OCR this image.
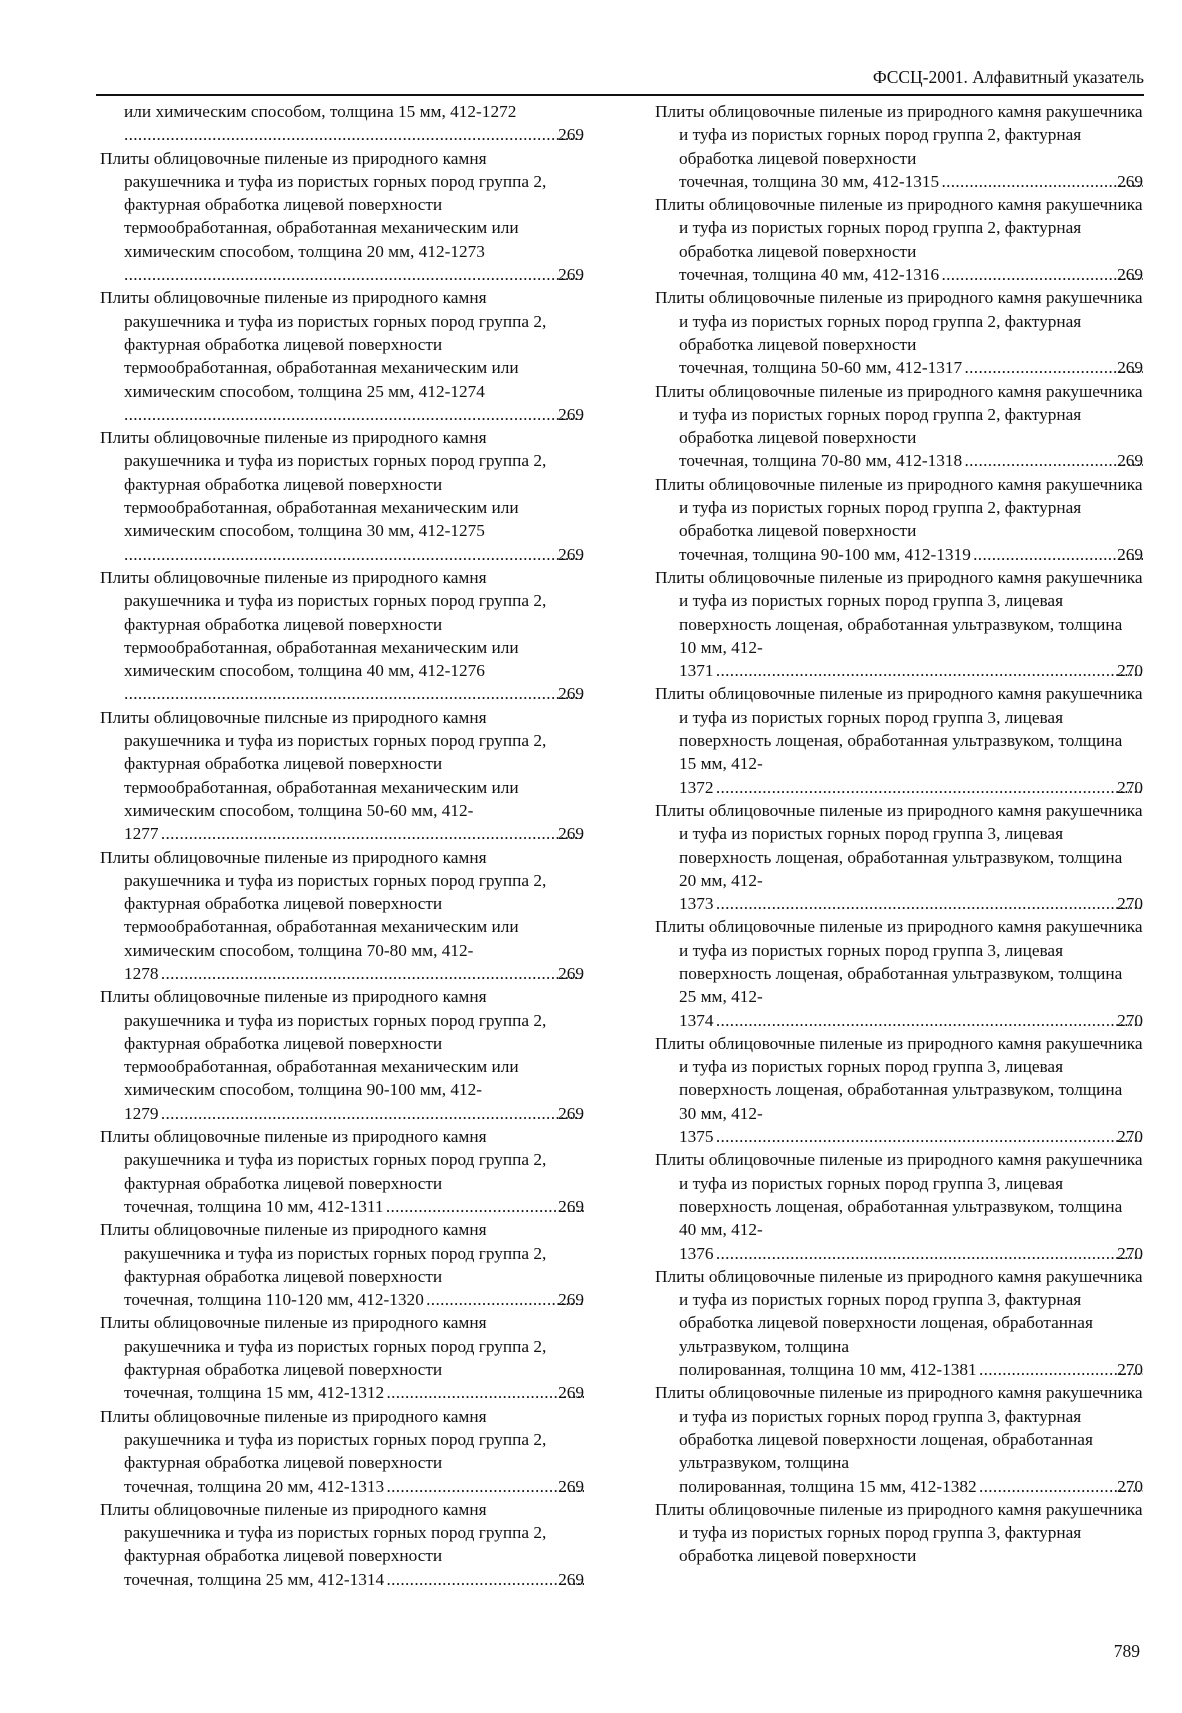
ФССЦ-2001. Алфавитный указатель
или химическим способом, толщина 15 мм, 412-1272
269
. . .
Плиты облицовочные пиленые из природного камня ракушечника и туфа из пористых горных пород группа 2, фактурная обработка лицевой поверхности термообработанная, обработанная механическим или химическим способом, толщина 20 мм, 412-1273
269
. . .
Плиты облицовочные пиленые из природного камня ракушечника и туфа из пористых горных пород группа 2, фактурная обработка лицевой поверхности термообработанная, обработанная механическим или химическим способом, толщина 25 мм, 412-1274
269
. . .
Плиты облицовочные пиленые из природного камня ракушечника и туфа из пористых горных пород группа 2, фактурная обработка лицевой поверхности термообработанная, обработанная механическим или химическим способом, толщина 30 мм, 412-1275
269
. . .
Плиты облицовочные пиленые из природного камня ракушечника и туфа из пористых горных пород группа 2, фактурная обработка лицевой поверхности термообработанная, обработанная механическим или химическим способом, толщина 40 мм, 412-1276
269
. . .
Плиты облицовочные пилсные из природного камня ракушечника и туфа из пористых горных пород группа 2, фактурная обработка лицевой поверхности термообработанная, обработанная механическим или химическим способом, толщина 50-60 мм, 412-
269
1277 . . .
Плиты облицовочные пиленые из природного камня ракушечника и туфа из пористых горных пород группа 2, фактурная обработка лицевой поверхности термообработанная, обработанная механическим или химическим способом, толщина 70-80 мм, 412-
269
1278 . . .
Плиты облицовочные пиленые из природного камня ракушечника и туфа из пористых горных пород группа 2, фактурная обработка лицевой поверхности термообработанная, обработанная механическим или химическим способом, толщина 90-100 мм, 412-
269
1279 . . .
Плиты облицовочные пиленые из природного камня ракушечника и туфа из пористых горных пород группа 2, фактурная обработка лицевой поверхности
269
точечная, толщина 10 мм, 412-1311 . . .
Плиты облицовочные пиленые из природного камня ракушечника и туфа из пористых горных пород группа 2, фактурная обработка лицевой поверхности
269
точечная, толщина 110-120 мм, 412-1320 . . .
Плиты облицовочные пиленые из природного камня ракушечника и туфа из пористых горных пород группа 2, фактурная обработка лицевой поверхности
269
точечная, толщина 15 мм, 412-1312 . . .
Плиты облицовочные пиленые из природного камня ракушечника и туфа из пористых горных пород группа 2, фактурная обработка лицевой поверхности
269
точечная, толщина 20 мм, 412-1313 . . .
Плиты облицовочные пиленые из природного камня ракушечника и туфа из пористых горных пород группа 2, фактурная обработка лицевой поверхности
269
точечная, толщина 25 мм, 412-1314 . . .
Плиты облицовочные пиленые из природного камня ракушечника и туфа из пористых горных пород группа 2, фактурная обработка лицевой поверхности
269
точечная, толщина 30 мм, 412-1315 . . .
Плиты облицовочные пиленые из природного камня ракушечника и туфа из пористых горных пород группа 2, фактурная обработка лицевой поверхности
269
точечная, толщина 40 мм, 412-1316 . . .
Плиты облицовочные пиленые из природного камня ракушечника и туфа из пористых горных пород группа 2, фактурная обработка лицевой поверхности
269
точечная, толщина 50-60 мм, 412-1317 . . .
Плиты облицовочные пиленые из природного камня ракушечника и туфа из пористых горных пород группа 2, фактурная обработка лицевой поверхности
269
точечная, толщина 70-80 мм, 412-1318 . . .
Плиты облицовочные пиленые из природного камня ракушечника и туфа из пористых горных пород группа 2, фактурная обработка лицевой поверхности
269
точечная, толщина 90-100 мм, 412-1319 . . .
Плиты облицовочные пиленые из природного камня ракушечника и туфа из пористых горных пород группа 3, лицевая поверхность лощеная, обработанная ультразвуком, толщина 10 мм, 412-
270
1371 . . .
Плиты облицовочные пиленые из природного камня ракушечника и туфа из пористых горных пород группа 3, лицевая поверхность лощеная, обработанная ультразвуком, толщина 15 мм, 412-
270
1372 . . .
Плиты облицовочные пиленые из природного камня ракушечника и туфа из пористых горных пород группа 3, лицевая поверхность лощеная, обработанная ультразвуком, толщина 20 мм, 412-
270
1373 . . .
Плиты облицовочные пиленые из природного камня ракушечника и туфа из пористых горных пород группа 3, лицевая поверхность лощеная, обработанная ультразвуком, толщина 25 мм, 412-
270
1374 . . .
Плиты облицовочные пиленые из природного камня ракушечника и туфа из пористых горных пород группа 3, лицевая поверхность лощеная, обработанная ультразвуком, толщина 30 мм, 412-
270
1375 . . .
Плиты облицовочные пиленые из природного камня ракушечника и туфа из пористых горных пород группа 3, лицевая поверхность лощеная, обработанная ультразвуком, толщина 40 мм, 412-
270
1376 . . .
Плиты облицовочные пиленые из природного камня ракушечника и туфа из пористых горных пород группа 3, фактурная обработка лицевой поверхности лощеная, обработанная ультразвуком, толщина
270
полированная, толщина 10 мм, 412-1381 . . .
Плиты облицовочные пиленые из природного камня ракушечника и туфа из пористых горных пород группа 3, фактурная обработка лицевой поверхности лощеная, обработанная ультразвуком, толщина
270
полированная, толщина 15 мм, 412-1382 . . .
Плиты облицовочные пиленые из природного камня ракушечника и туфа из пористых горных пород группа 3, фактурная обработка лицевой поверхности
789
